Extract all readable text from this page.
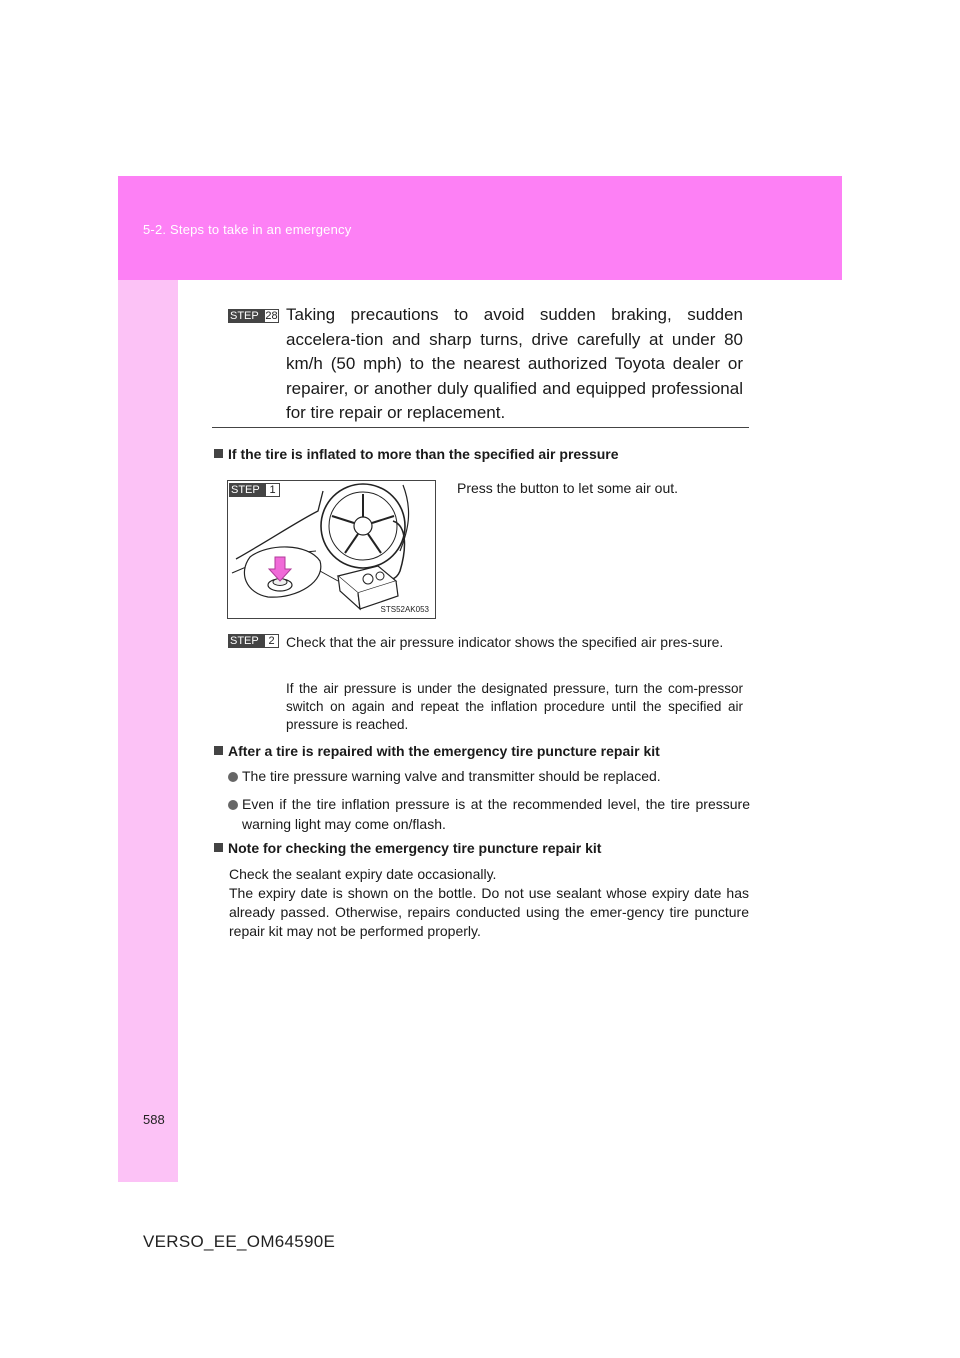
5-2. Steps to take in an emergency
STEP 28 Taking precautions to avoid sudden braking, sudden accelera-tion and sharp turns, drive carefully at under 80 km/h (50 mph) to the nearest authorized Toyota dealer or repairer, or another duly qualified and equipped professional for tire repair or replacement.
If the tire is inflated to more than the specified air pressure
STEP 1
STS52AK053
Press the button to let some air out.
STEP 2 Check that the air pressure indicator shows the specified air pres-sure.
If the air pressure is under the designated pressure, turn the com-pressor switch on again and repeat the inflation procedure until the specified air pressure is reached.
After a tire is repaired with the emergency tire puncture repair kit
The tire pressure warning valve and transmitter should be replaced.
Even if the tire inflation pressure is at the recommended level, the tire pressure warning light may come on/flash.
Note for checking the emergency tire puncture repair kit
Check the sealant expiry date occasionally.
The expiry date is shown on the bottle. Do not use sealant whose expiry date has already passed. Otherwise, repairs conducted using the emer-gency tire puncture repair kit may not be performed properly.
588
VERSO_EE_OM64590E
